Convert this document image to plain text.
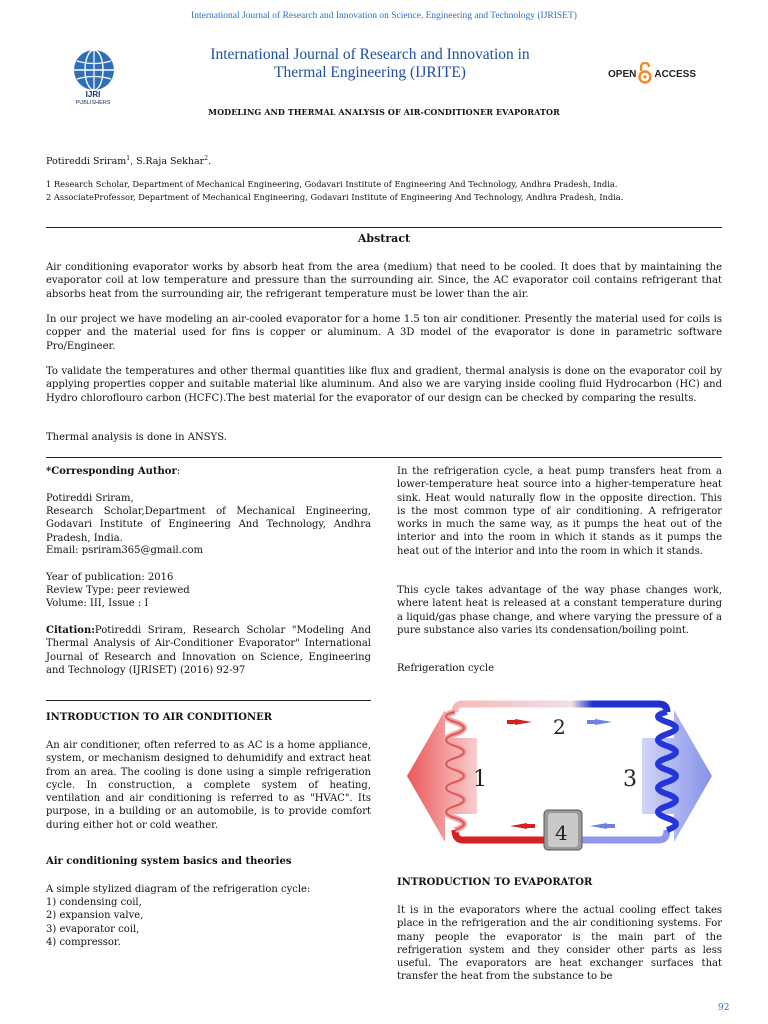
International Journal of Research and Innovation on Science, Engineering and Technology (IJRISET)
IJRI
PUBLISHERS
International Journal of Research and Innovation in
Thermal Engineering (IJRITE)	OPEN ACCESS
MODELING AND THERMAL ANALYSIS OF AIR-CONDITIONER EVAPORATOR
Potireddi Sriram$^1$, S.Raja Sekhar$^2$.
1 Research Scholar, Department of Mechanical Engineering, Godavari Institute of Engineering And Technology, Andhra Pradesh, India.
2 AssociateProfessor, Department of Mechanical Engineering, Godavari Institute of Engineering And Technology, Andhra Pradesh, India.
Abstract
Air conditioning evaporator works by absorb heat from the area (medium) that need to be cooled. It does that by maintaining the evaporator coil at low temperature and pressure than the surrounding air. Since, the AC evaporator coil contains refrigerant that absorbs heat from the surrounding air, the refrigerant temperature must be lower than the air.
In our project we have modeling an air-cooled evaporator for a home 1.5 ton air conditioner. Presently the material used for coils is copper and the material used for fins is copper or aluminum. A 3D model of the evaporator is done in parametric software Pro/Engineer.
To validate the temperatures and other thermal quantities like flux and gradient, thermal analysis is done on the evaporator coil by applying properties copper and suitable material like aluminum. And also we are varying inside cooling fluid Hydrocarbon (HC) and Hydro chloroflouro carbon (HCFC).The best material for the evaporator of our design can be checked by comparing the results.
Thermal analysis is done in ANSYS.
*Corresponding Author:
Potireddi Sriram,
Research Scholar,Department of Mechanical Engineering, Godavari Institute of Engineering And Technology, Andhra Pradesh, India.
Email: psriram365@gmail.com
Year of publication: 2016
Review Type: peer reviewed
Volume: III, Issue : I
Citation:Potireddi Sriram, Research Scholar "Modeling And Thermal Analysis of Air-Conditioner Evaporator" International Journal of Research and Innovation on Science, Engineering and Technology (IJRISET) (2016) 92-97
INTRODUCTION TO AIR CONDITIONER
An air conditioner, often referred to as AC is a home appliance, system, or mechanism designed to dehumidify and extract heat from an area. The cooling is done using a simple refrigeration cycle. In construction, a complete system of heating, ventilation and air conditioning is referred to as "HVAC". Its purpose, in a building or an automobile, is to provide comfort during either hot or cold weather.
Air conditioning system basics and theories
A simple stylized diagram of the refrigeration cycle:
1) condensing coil,
2) expansion valve,
3) evaporator coil,
4) compressor.
In the refrigeration cycle, a heat pump transfers heat from a lower-temperature heat source into a higher-temperature heat sink. Heat would naturally flow in the opposite direction. This is the most common type of air conditioning. A refrigerator works in much the same way, as it pumps the heat out of the interior and into the room in which it stands as it pumps the heat out of the interior and into the room in which it stands.
This cycle takes advantage of the way phase changes work, where latent heat is released at a constant temperature during a liquid/gas phase change, and where varying the pressure of a pure substance also varies its condensation/boiling point.
Refrigeration cycle
2
1	3
4
INTRODUCTION TO EVAPORATOR
It is in the evaporators where the actual cooling effect takes place in the refrigeration and the air conditioning systems. For many people the evaporator is the main part of the refrigeration system and they consider other parts as less useful. The evaporators are heat exchanger surfaces that transfer the heat from the substance to be
92
